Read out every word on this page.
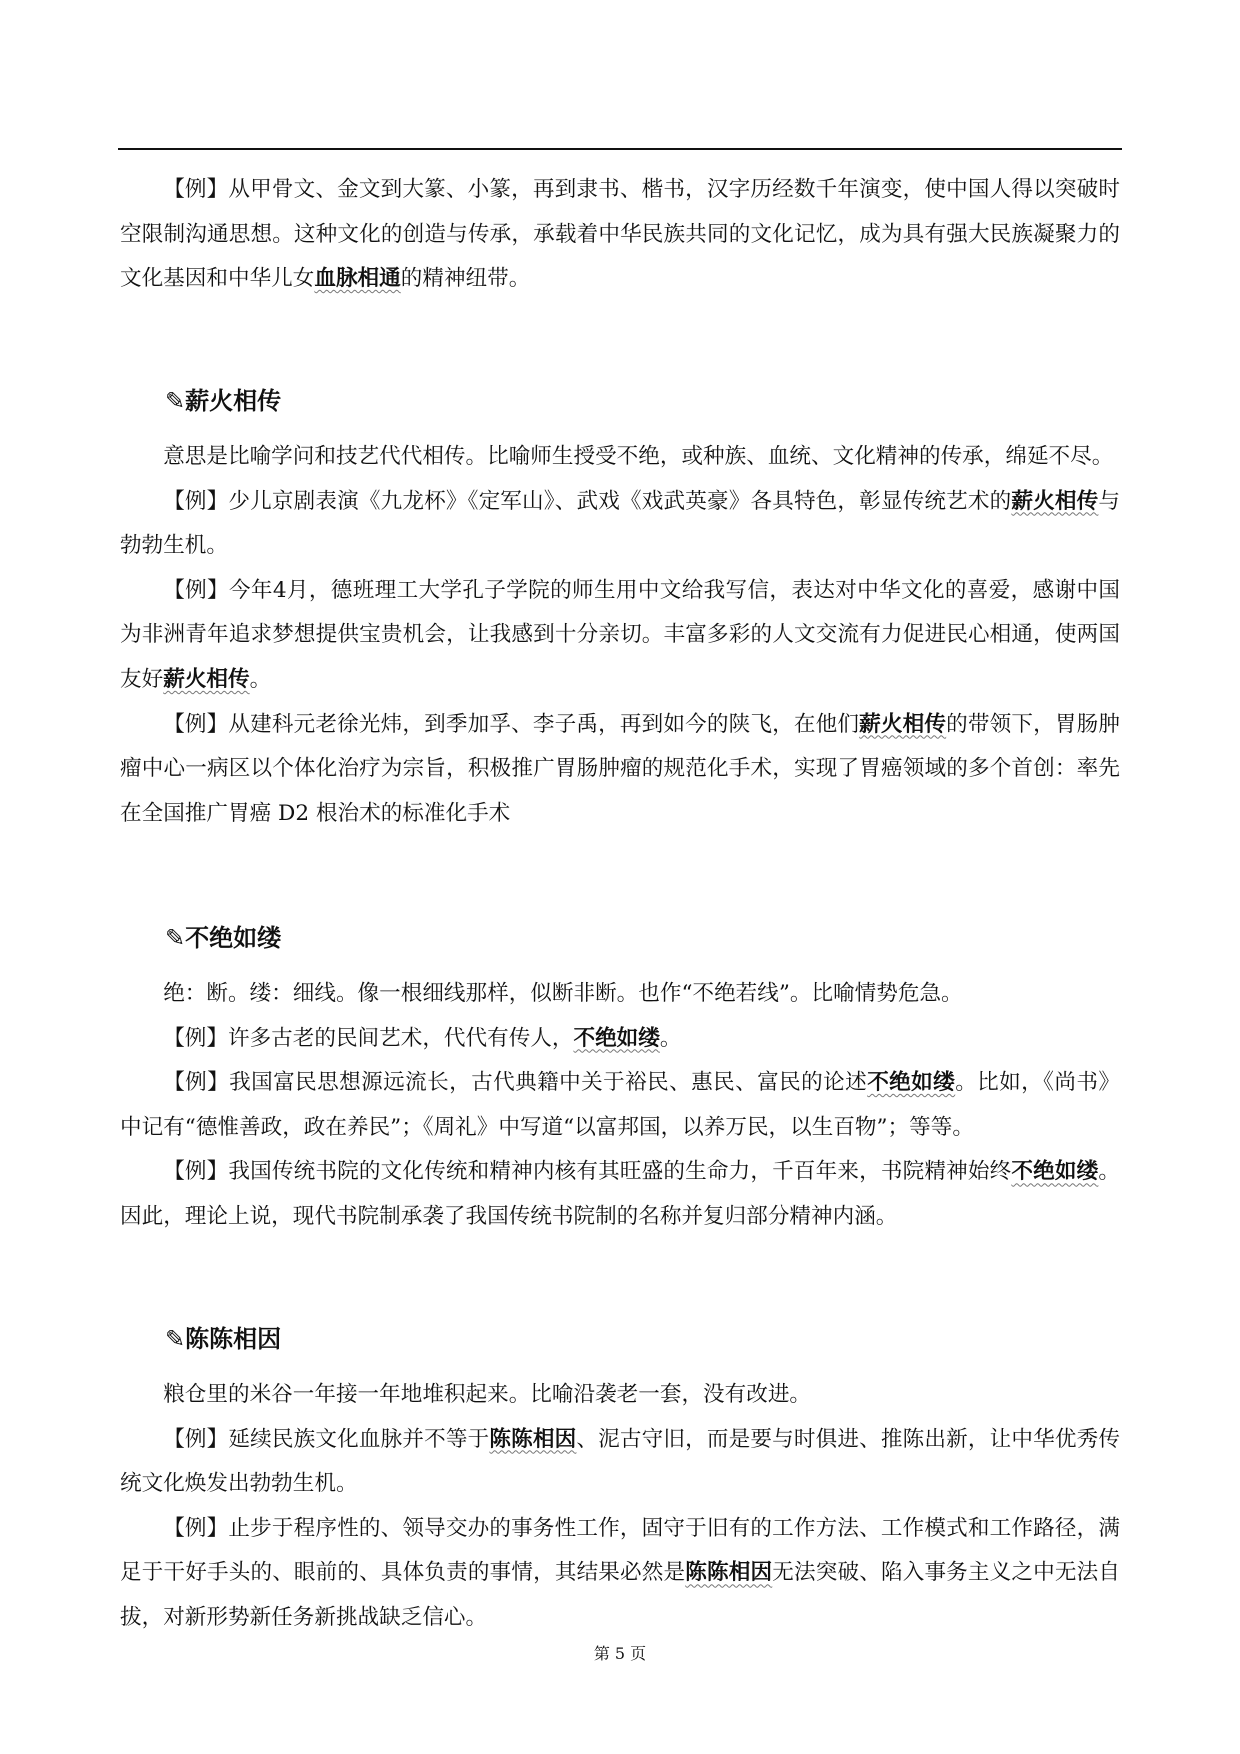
【例】从甲骨文、金文到大篆、小篆，再到隶书、楷书，汉字历经数千年演变，使中国人得以突破时空限制沟通思想。这种文化的创造与传承，承载着中华民族共同的文化记忆，成为具有强大民族凝聚力的文化基因和中华儿女血脉相通的精神纽带。

✎薪火相传

意思是比喻学问和技艺代代相传。比喻师生授受不绝，或种族、血统、文化精神的传承，绵延不尽。

【例】少儿京剧表演《九龙杯》《定军山》、武戏《戏武英豪》各具特色，彰显传统艺术的薪火相传与勃勃生机。

【例】今年4月，德班理工大学孔子学院的师生用中文给我写信，表达对中华文化的喜爱，感谢中国为非洲青年追求梦想提供宝贵机会，让我感到十分亲切。丰富多彩的人文交流有力促进民心相通，使两国友好薪火相传。

【例】从建科元老徐光炜，到季加孚、李子禹，再到如今的陕飞，在他们薪火相传的带领下，胃肠肿瘤中心一病区以个体化治疗为宗旨，积极推广胃肠肿瘤的规范化手术，实现了胃癌领域的多个首创：率先在全国推广胃癌 D2 根治术的标准化手术

✎不绝如缕

绝：断。缕：细线。像一根细线那样，似断非断。也作“不绝若线”。比喻情势危急。

【例】许多古老的民间艺术，代代有传人，不绝如缕。

【例】我国富民思想源远流长，古代典籍中关于裕民、惠民、富民的论述不绝如缕。比如，《尚书》中记有“德惟善政，政在养民”；《周礼》中写道“以富邦国，以养万民，以生百物”；等等。

【例】我国传统书院的文化传统和精神内核有其旺盛的生命力，千百年来，书院精神始终不绝如缕。因此，理论上说，现代书院制承袭了我国传统书院制的名称并复归部分精神内涵。

✎陈陈相因

粮仓里的米谷一年接一年地堆积起来。比喻沿袭老一套，没有改进。

【例】延续民族文化血脉并不等于陈陈相因、泥古守旧，而是要与时俱进、推陈出新，让中华优秀传统文化焕发出勃勃生机。

【例】止步于程序性的、领导交办的事务性工作，固守于旧有的工作方法、工作模式和工作路径，满足于干好手头的、眼前的、具体负责的事情，其结果必然是陈陈相因无法突破、陷入事务主义之中无法自拔，对新形势新任务新挑战缺乏信心。

第 5 页
